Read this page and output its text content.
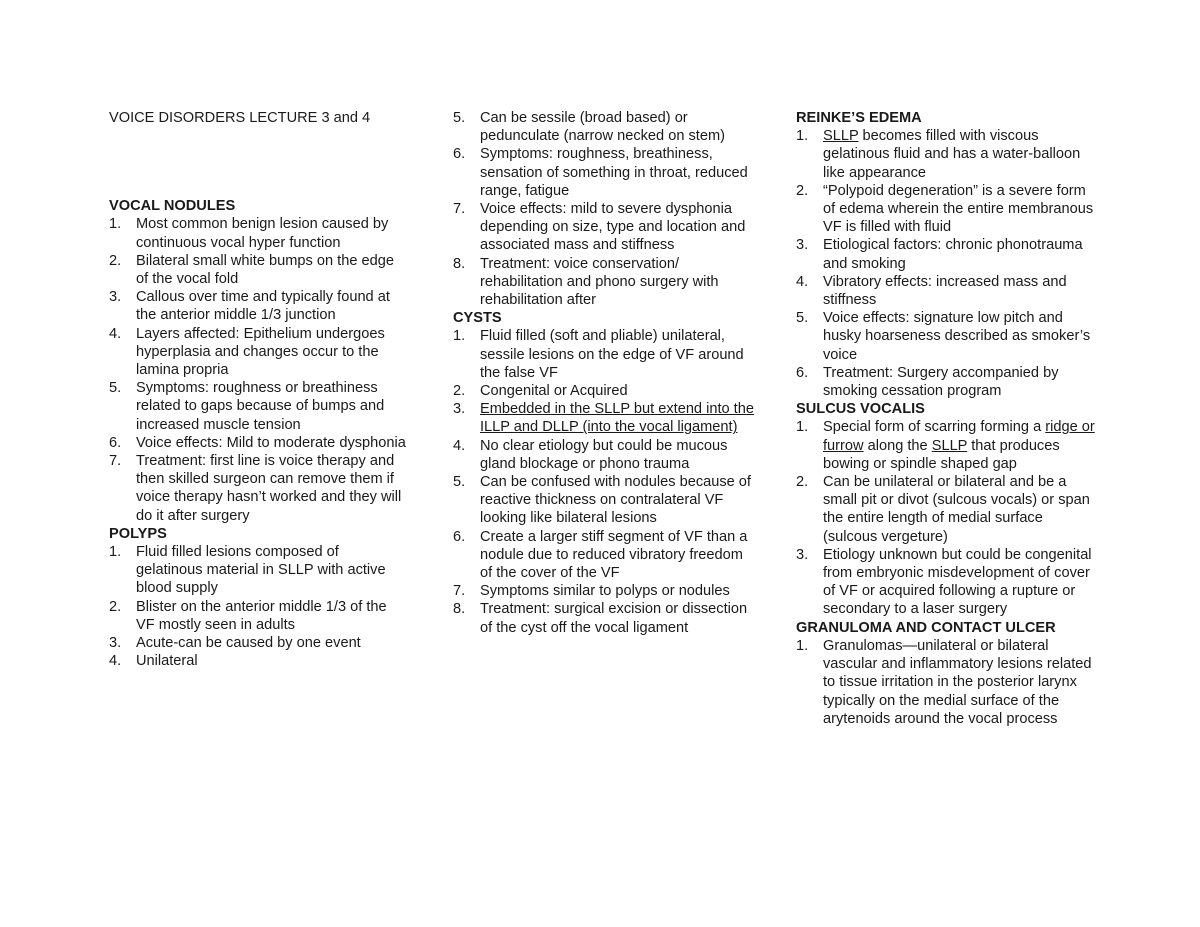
VOICE DISORDERS LECTURE 3 and 4
VOCAL NODULES
1. Most common benign lesion caused by continuous vocal hyper function
2. Bilateral small white bumps on the edge of the vocal fold
3. Callous over time and typically found at the anterior middle 1/3 junction
4. Layers affected: Epithelium undergoes hyperplasia and changes occur to the lamina propria
5. Symptoms: roughness or breathiness related to gaps because of bumps and increased muscle tension
6. Voice effects: Mild to moderate dysphonia
7. Treatment: first line is voice therapy and then skilled surgeon can remove them if voice therapy hasn’t worked and they will do it after surgery
POLYPS
1. Fluid filled lesions composed of gelatinous material in SLLP with active blood supply
2. Blister on the anterior middle 1/3 of the VF mostly seen in adults
3. Acute-can be caused by one event
4. Unilateral
5. Can be sessile (broad based) or pedunculate (narrow necked on stem)
6. Symptoms: roughness, breathiness, sensation of something in throat, reduced range, fatigue
7. Voice effects: mild to severe dysphonia depending on size, type and location and associated mass and stiffness
8. Treatment: voice conservation/ rehabilitation and phono surgery with rehabilitation after
CYSTS
1. Fluid filled (soft and pliable) unilateral, sessile lesions on the edge of VF around the false VF
2. Congenital or Acquired
3. Embedded in the SLLP but extend into the ILLP and DLLP (into the vocal ligament)
4. No clear etiology but could be mucous gland blockage or phono trauma
5. Can be confused with nodules because of reactive thickness on contralateral VF looking like bilateral lesions
6. Create a larger stiff segment of VF than a nodule due to reduced vibratory freedom of the cover of the VF
7. Symptoms similar to polyps or nodules
8. Treatment: surgical excision or dissection of the cyst off the vocal ligament
REINKE’S EDEMA
1. SLLP becomes filled with viscous gelatinous fluid and has a water-balloon like appearance
2. “Polypoid degeneration” is a severe form of edema wherein the entire membranous VF is filled with fluid
3. Etiological factors: chronic phonotrauma and smoking
4. Vibratory effects: increased mass and stiffness
5. Voice effects: signature low pitch and husky hoarseness described as smoker’s voice
6. Treatment: Surgery accompanied by smoking cessation program
SULCUS VOCALIS
1. Special form of scarring forming a ridge or furrow along the SLLP that produces bowing or spindle shaped gap
2. Can be unilateral or bilateral and be a small pit or divot (sulcous vocals) or span the entire length of medial surface (sulcous vergeture)
3. Etiology unknown but could be congenital from embryonic misdevelopment of cover of VF or acquired following a rupture or secondary to a laser surgery
GRANULOMA AND CONTACT ULCER
1. Granulomas—unilateral or bilateral vascular and inflammatory lesions related to tissue irritation in the posterior larynx typically on the medial surface of the arytenoids around the vocal process
